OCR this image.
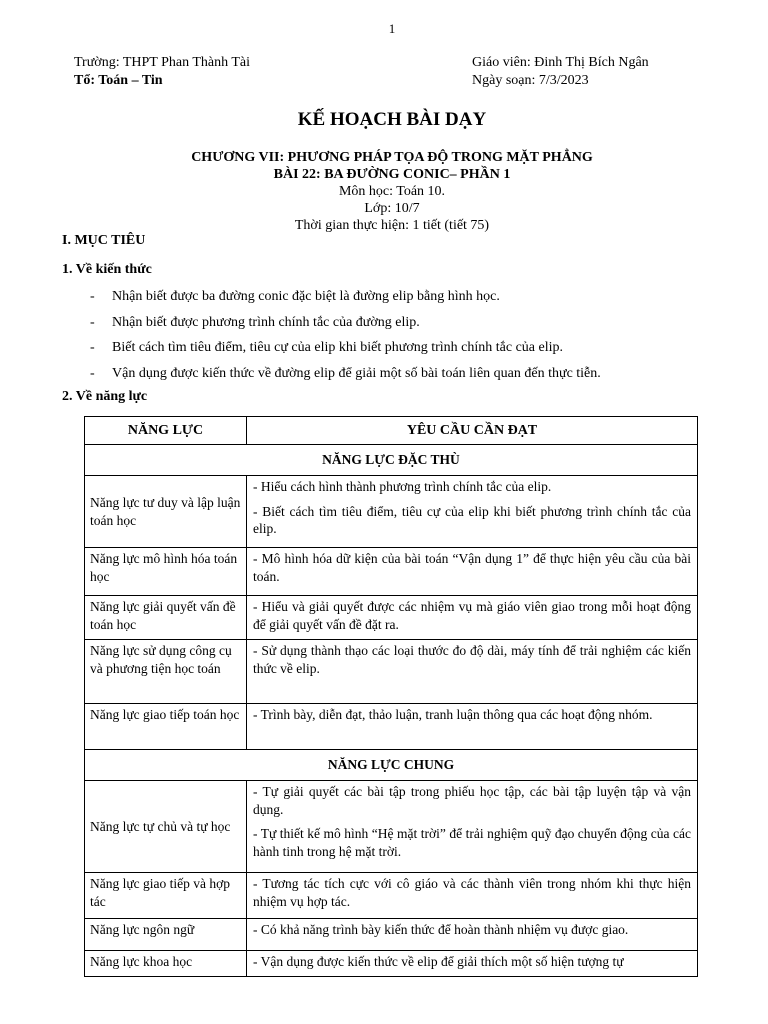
1
Trường: THPT Phan Thành Tài
Tổ: Toán – Tin
Giáo viên: Đinh Thị Bích Ngân
Ngày soạn: 7/3/2023
KẾ HOẠCH BÀI DẠY
CHƯƠNG VII: PHƯƠNG PHÁP TỌA ĐỘ TRONG MẶT PHẲNG
BÀI 22: BA ĐƯỜNG CONIC– PHẦN 1
Môn học: Toán 10.
Lớp: 10/7
Thời gian thực hiện: 1 tiết (tiết 75)
I. MỤC TIÊU
1. Về kiến thức
- Nhận biết được ba đường conic đặc biệt là đường elip bằng hình học.
- Nhận biết được phương trình chính tắc của đường elip.
- Biết cách tìm tiêu điểm, tiêu cự của elip khi biết phương trình chính tắc của elip.
- Vận dụng được kiến thức về đường elip để giải một số bài toán liên quan đến thực tiễn.
2. Về năng lực
NĂNG LỰC	YÊU CẦU CẦN ĐẠT
NĂNG LỰC ĐẶC THÙ	
Năng lực tư duy và lập luận toán học	- Hiểu cách hình thành phương trình chính tắc của elip.
- Biết cách tìm tiêu điểm, tiêu cự của elip khi biết phương trình chính tắc của elip.

Năng lực mô hình hóa toán học	- Mô hình hóa dữ kiện của bài toán “Vận dụng 1” để thực hiện yêu cầu của bài toán.
Năng lực giải quyết vấn đề toán học	- Hiểu và giải quyết được các nhiệm vụ mà giáo viên giao trong mỗi hoạt động để giải quyết vấn đề đặt ra.
Năng lực sử dụng công cụ và phương tiện học toán	- Sử dụng thành thạo các loại thước đo độ dài, máy tính để trải nghiệm các kiến thức về elip.
Năng lực giao tiếp toán học	- Trình bày, diễn đạt, thảo luận, tranh luận thông qua các hoạt động nhóm.
NĂNG LỰC CHUNG	
Năng lực tự chủ và tự học	- Tự giải quyết các bài tập trong phiếu học tập, các bài tập luyện tập và vận dụng.
- Tự thiết kế mô hình “Hệ mặt trời” để trải nghiệm quỹ đạo chuyển động của các hành tinh trong hệ mặt trời.

Năng lực giao tiếp và hợp tác	- Tương tác tích cực với cô giáo và các thành viên trong nhóm khi thực hiện nhiệm vụ hợp tác.
Năng lực ngôn ngữ	- Có khả năng trình bày kiến thức để hoàn thành nhiệm vụ được giao.
Năng lực khoa học	- Vận dụng được kiến thức về elip để giải thích một số hiện tượng tự
